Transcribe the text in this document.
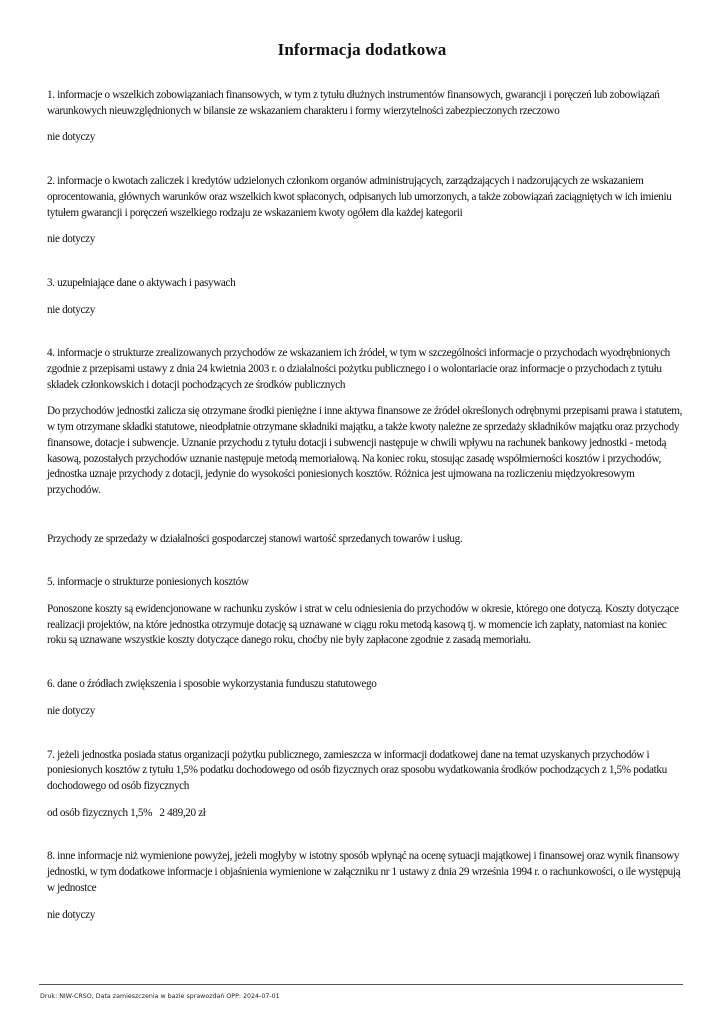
Informacja dodatkowa

1. informacje o wszelkich zobowiązaniach finansowych, w tym z tytułu dłużnych instrumentów finansowych, gwarancji i poręczeń lub zobowiązań warunkowych nieuwzględnionych w bilansie ze wskazaniem charakteru i formy wierzytelności zabezpieczonych rzeczowo

nie dotyczy

2. informacje o kwotach zaliczek i kredytów udzielonych członkom organów administrujących, zarządzających i nadzorujących ze wskazaniem oprocentowania, głównych warunków oraz wszelkich kwot spłaconych, odpisanych lub umorzonych, a także zobowiązań zaciągniętych w ich imieniu tytułem gwarancji i poręczeń wszelkiego rodzaju ze wskazaniem kwoty ogółem dla każdej kategorii

nie dotyczy

3. uzupełniające dane o aktywach i pasywach

nie dotyczy

4. informacje o strukturze zrealizowanych przychodów ze wskazaniem ich źródeł, w tym w szczególności informacje o przychodach wyodrębnionych zgodnie z przepisami ustawy z dnia 24 kwietnia 2003 r. o działalności pożytku publicznego i o wolontariacie oraz informacje o przychodach z tytułu składek członkowskich i dotacji pochodzących ze środków publicznych

Do przychodów jednostki zalicza się otrzymane środki pieniężne i inne aktywa finansowe ze źródeł określonych odrębnymi przepisami prawa i statutem, w tym otrzymane składki statutowe, nieodpłatnie otrzymane składniki majątku, a także kwoty należne ze sprzedaży składników majątku oraz przychody finansowe, dotacje i subwencje. Uznanie przychodu z tytułu dotacji i subwencji następuje w chwili wpływu na rachunek bankowy jednostki - metodą kasową, pozostałych przychodów uznanie następuje metodą memoriałową. Na koniec roku, stosując zasadę współmierności kosztów i przychodów, jednostka uznaje przychody z dotacji, jedynie do wysokości poniesionych kosztów. Różnica jest ujmowana na rozliczeniu międzyokresowym przychodów.

Przychody ze sprzedaży w działalności gospodarczej stanowi wartość sprzedanych towarów i usług.

5. informacje o strukturze poniesionych kosztów

Ponoszone koszty są ewidencjonowane w rachunku zysków i strat w celu odniesienia do przychodów w okresie, którego one dotyczą. Koszty dotyczące realizacji projektów, na które jednostka otrzymuje dotację są uznawane w ciągu roku metodą kasową tj. w momencie ich zapłaty, natomiast na koniec roku są uznawane wszystkie koszty dotyczące danego roku, choćby nie były zapłacone zgodnie z zasadą memoriału.

6. dane o źródłach zwiększenia i sposobie wykorzystania funduszu statutowego

nie dotyczy

7. jeżeli jednostka posiada status organizacji pożytku publicznego, zamieszcza w informacji dodatkowej dane na temat uzyskanych przychodów i poniesionych kosztów z tytułu 1,5% podatku dochodowego od osób fizycznych oraz sposobu wydatkowania środków pochodzących z 1,5% podatku dochodowego od osób fizycznych

od osób fizycznych 1,5% 2 489,20 zł

8. inne informacje niż wymienione powyżej, jeżeli mogłyby w istotny sposób wpłynąć na ocenę sytuacji majątkowej i finansowej oraz wynik finansowy jednostki, w tym dodatkowe informacje i objaśnienia wymienione w załączniku nr 1 ustawy z dnia 29 września 1994 r. o rachunkowości, o ile występują w jednostce

nie dotyczy

Druk: NIW-CRSO, Data zamieszczenia w bazie sprawozdań OPP: 2024-07-01
